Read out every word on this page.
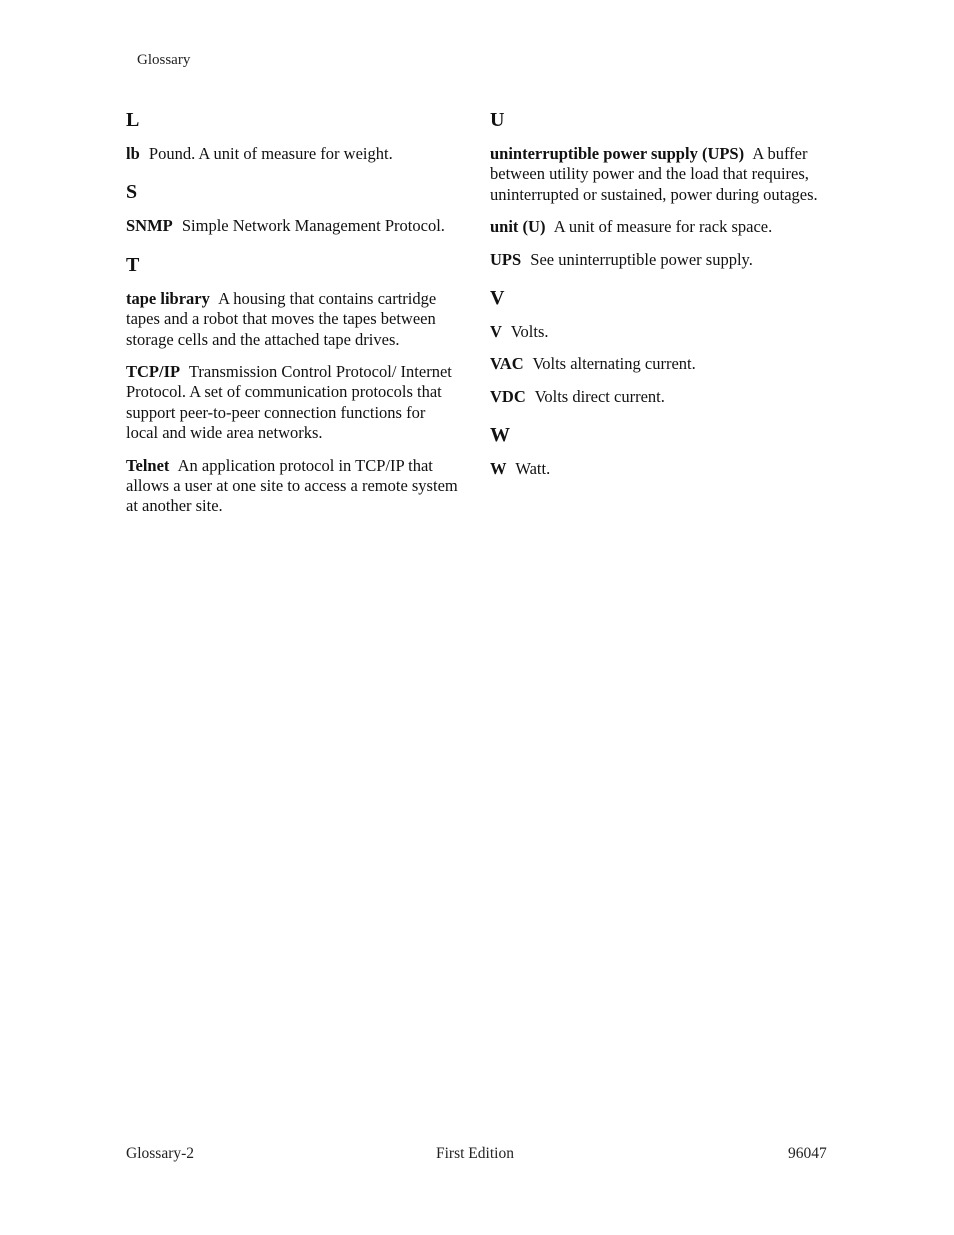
Glossary
L
lb Pound. A unit of measure for weight.
S
SNMP Simple Network Management Protocol.
T
tape library A housing that contains cartridge tapes and a robot that moves the tapes between storage cells and the attached tape drives.
TCP/IP Transmission Control Protocol/ Internet Protocol. A set of communication protocols that support peer-to-peer connection functions for local and wide area networks.
Telnet An application protocol in TCP/IP that allows a user at one site to access a remote system at another site.
U
uninterruptible power supply (UPS) A buffer between utility power and the load that requires, uninterrupted or sustained, power during outages.
unit (U) A unit of measure for rack space.
UPS See uninterruptible power supply.
V
V Volts.
VAC Volts alternating current.
VDC Volts direct current.
W
W Watt.
Glossary-2	First Edition	96047
